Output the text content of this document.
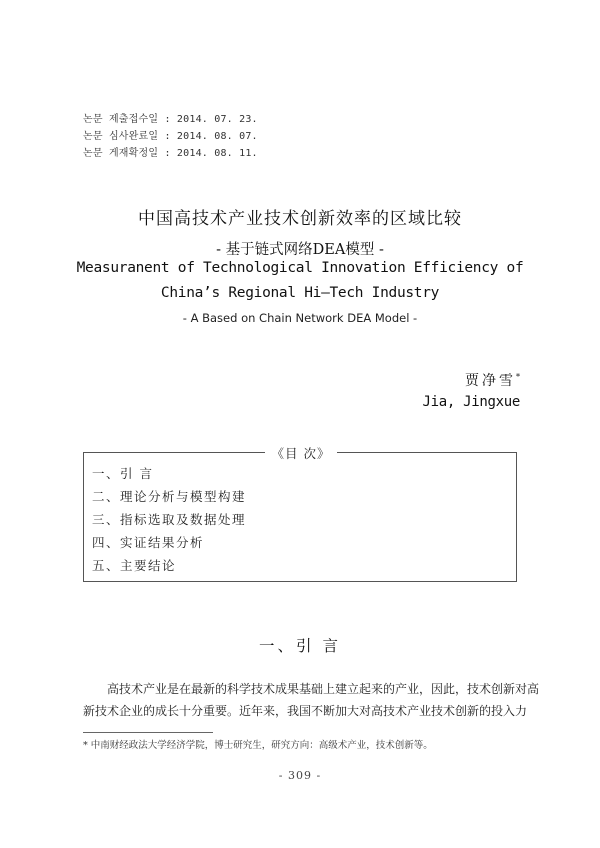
논문 제출접수일 : 2014. 07. 23.
논문 심사완료일 : 2014. 08. 07.
논문 게재확정일 : 2014. 08. 11.
中国高技术产业技术创新效率的区域比较
- 基于链式网络DEA模型 -
Measuranent of Technological Innovation Efficiency of
China’s Regional Hi—Tech Industry
- A Based on Chain Network DEA Model -
贾净雪*
Jia, Jingxue
《目 次》
一、引 言
二、理论分析与模型构建
三、指标选取及数据处理
四、实证结果分析
五、主要结论
一、引 言
高技术产业是在最新的科学技术成果基础上建立起来的产业，因此，技术创新对高
新技术企业的成长十分重要。近年来，我国不断加大对高技术产业技术创新的投入力
* 中南财经政法大学经济学院，博士研究生，研究方向：高级术产业，技术创新等。
- 309 -
